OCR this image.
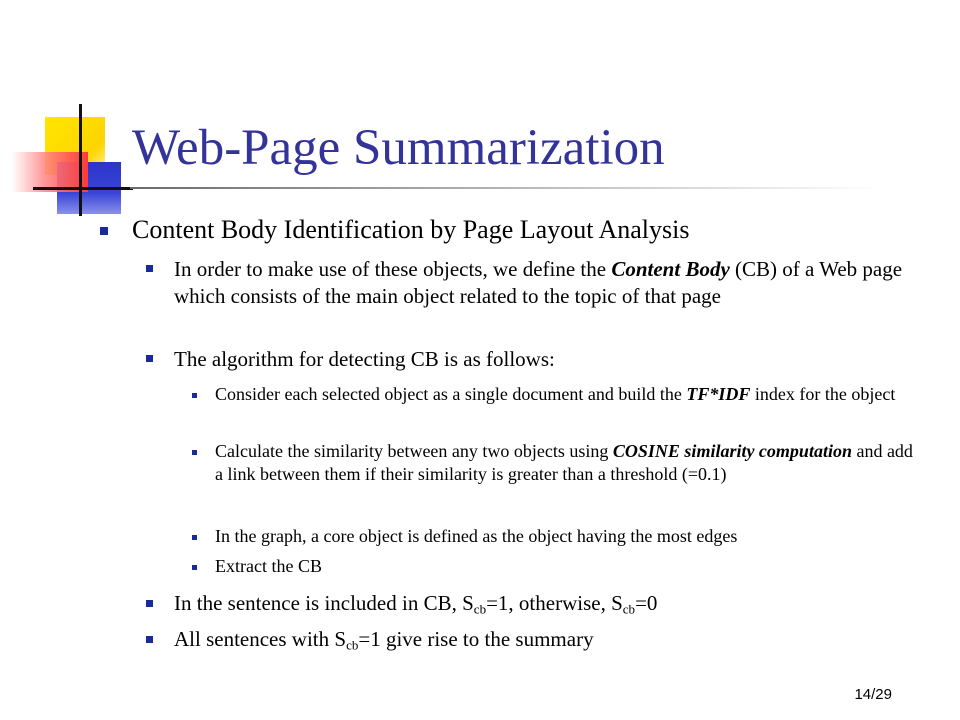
Web-Page Summarization
Content Body Identification by Page Layout Analysis
In order to make use of these objects, we define the Content Body (CB) of a Web page which consists of the main object related to the topic of that page
The algorithm for detecting CB is as follows:
Consider each selected object as a single document and build the TF*IDF index for the object
Calculate the similarity between any two objects using COSINE similarity computation and add a link between them if their similarity is greater than a threshold (=0.1)
In the graph, a core object is defined as the object having the most edges
Extract the CB
In the sentence is included in CB, $S_{cb}=1$, otherwise, $S_{cb}=0$
All sentences with $S_{cb}=1$ give rise to the summary
14/29
